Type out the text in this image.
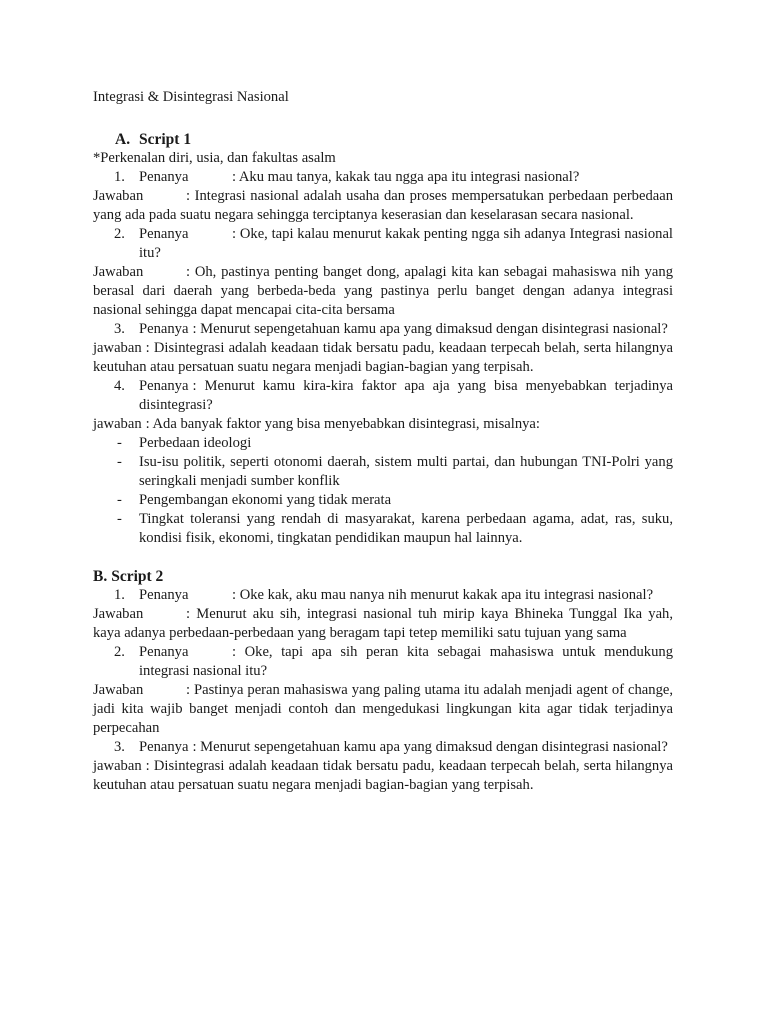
Integrasi & Disintegrasi Nasional

A. Script 1

*Perkenalan diri, usia, dan fakultas asalm

1. Penanya	: Aku mau tanya, kakak tau ngga apa itu integrasi nasional?

Jawaban	: Integrasi nasional adalah usaha dan proses mempersatukan perbedaan perbedaan yang ada pada suatu negara sehingga terciptanya keserasian dan keselarasan secara nasional.

2. Penanya	: Oke, tapi kalau menurut kakak penting ngga sih adanya Integrasi nasional itu?

Jawaban	: Oh, pastinya penting banget dong, apalagi kita kan sebagai mahasiswa nih yang berasal dari daerah yang berbeda-beda yang pastinya perlu banget dengan adanya integrasi nasional sehingga dapat mencapai cita-cita bersama

3. Penanya : Menurut sepengetahuan kamu apa yang dimaksud dengan disintegrasi nasional?

jawaban : Disintegrasi adalah keadaan tidak bersatu padu, keadaan terpecah belah, serta hilangnya keutuhan atau persatuan suatu negara menjadi bagian-bagian yang terpisah.

4. Penanya : Menurut kamu kira-kira faktor apa aja yang bisa menyebabkan terjadinya disintegrasi?

jawaban : Ada banyak faktor yang bisa menyebabkan disintegrasi, misalnya:

- Perbedaan ideologi
- Isu-isu politik, seperti otonomi daerah, sistem multi partai, dan hubungan TNI-Polri yang seringkali menjadi sumber konflik
- Pengembangan ekonomi yang tidak merata
- Tingkat toleransi yang rendah di masyarakat, karena perbedaan agama, adat, ras, suku, kondisi fisik, ekonomi, tingkatan pendidikan maupun hal lainnya.

B. Script 2

1. Penanya	: Oke kak, aku mau nanya nih menurut kakak apa itu integrasi nasional?

Jawaban	: Menurut aku sih, integrasi nasional tuh mirip kaya Bhineka Tunggal Ika yah, kaya adanya perbedaan-perbedaan yang beragam tapi tetep memiliki satu tujuan yang sama

2. Penanya	: Oke, tapi apa sih peran kita sebagai mahasiswa untuk mendukung integrasi nasional itu?

Jawaban	: Pastinya peran mahasiswa yang paling utama itu adalah menjadi agent of change, jadi kita wajib banget menjadi contoh dan mengedukasi lingkungan kita agar tidak terjadinya perpecahan

3. Penanya : Menurut sepengetahuan kamu apa yang dimaksud dengan disintegrasi nasional?

jawaban : Disintegrasi adalah keadaan tidak bersatu padu, keadaan terpecah belah, serta hilangnya keutuhan atau persatuan suatu negara menjadi bagian-bagian yang terpisah.
